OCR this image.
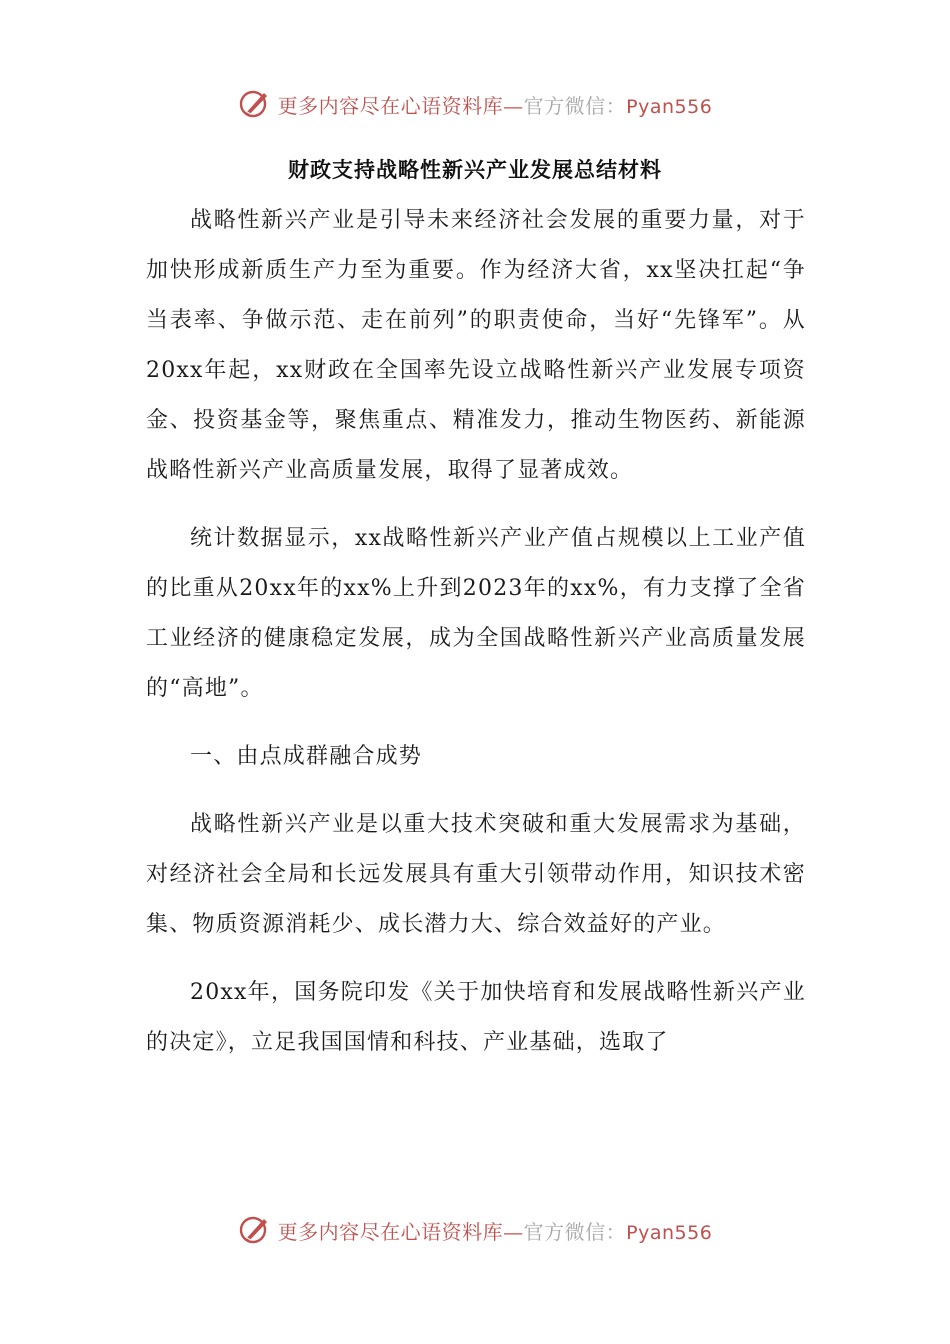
更多内容尽在心语资料库—官方微信：Pyan556
财政支持战略性新兴产业发展总结材料

战略性新兴产业是引导未来经济社会发展的重要力量，对于加快形成新质生产力至为重要。作为经济大省，xx坚决扛起“争当表率、争做示范、走在前列”的职责使命，当好“先锋军”。从20xx年起，xx财政在全国率先设立战略性新兴产业发展专项资金、投资基金等，聚焦重点、精准发力，推动生物医药、新能源战略性新兴产业高质量发展，取得了显著成效。

统计数据显示，xx战略性新兴产业产值占规模以上工业产值的比重从20xx年的xx%上升到2023年的xx%，有力支撑了全省工业经济的健康稳定发展，成为全国战略性新兴产业高质量发展的“高地”。

一、由点成群融合成势

战略性新兴产业是以重大技术突破和重大发展需求为基础，对经济社会全局和长远发展具有重大引领带动作用，知识技术密集、物质资源消耗少、成长潜力大、综合效益好的产业。

20xx年，国务院印发《关于加快培育和发展战略性新兴产业的决定》，立足我国国情和科技、产业基础，选取了

更多内容尽在心语资料库—官方微信：Pyan556
